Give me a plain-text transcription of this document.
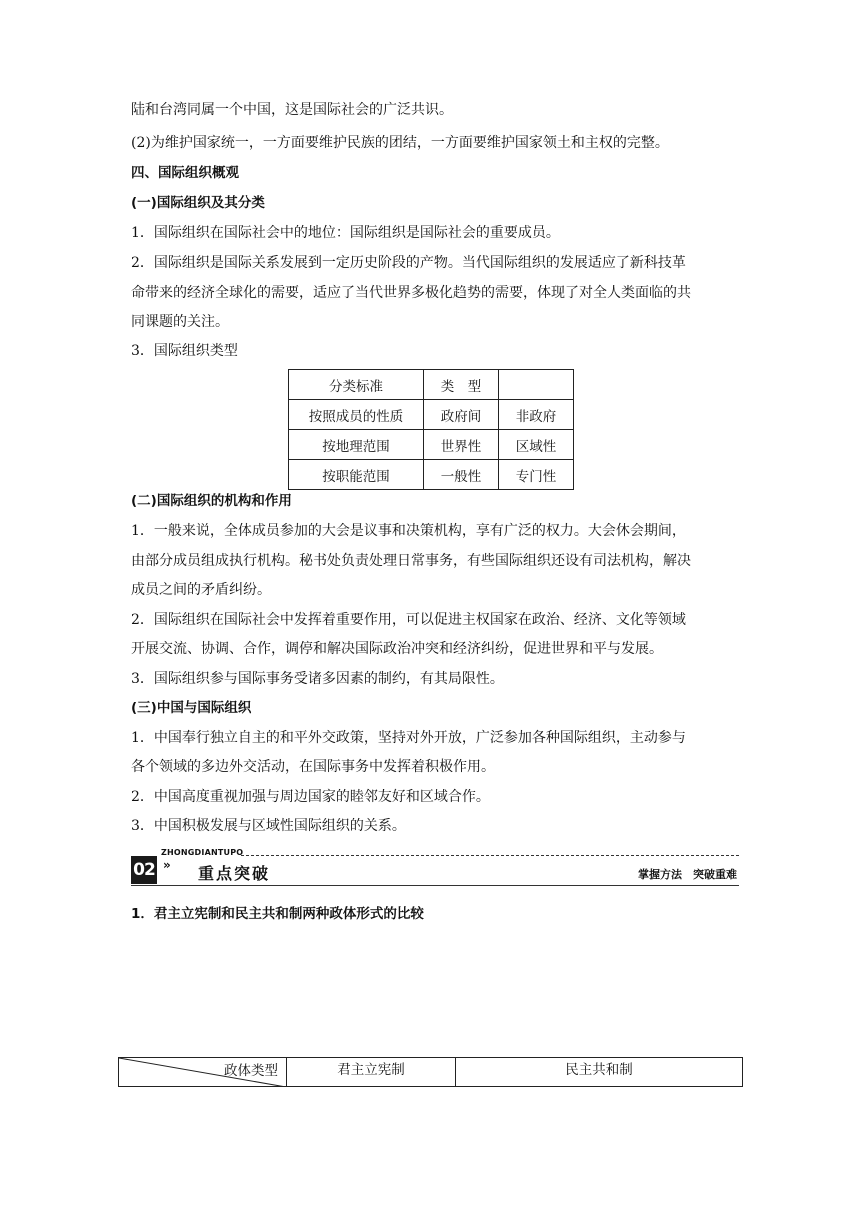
陆和台湾同属一个中国，这是国际社会的广泛共识。
(2)为维护国家统一，一方面要维护民族的团结，一方面要维护国家领土和主权的完整。
四、国际组织概观
(一)国际组织及其分类
1．国际组织在国际社会中的地位：国际组织是国际社会的重要成员。
2．国际组织是国际关系发展到一定历史阶段的产物。当代国际组织的发展适应了新科技革
命带来的经济全球化的需要，适应了当代世界多极化趋势的需要，体现了对全人类面临的共
同课题的关注。
3．国际组织类型
分类标准	类　型	
按照成员的性质	政府间	非政府
按地理范围	世界性	区域性
按职能范围	一般性	专门性
(二)国际组织的机构和作用
1．一般来说，全体成员参加的大会是议事和决策机构，享有广泛的权力。大会休会期间，
由部分成员组成执行机构。秘书处负责处理日常事务，有些国际组织还设有司法机构，解决
成员之间的矛盾纠纷。
2．国际组织在国际社会中发挥着重要作用，可以促进主权国家在政治、经济、文化等领域
开展交流、协调、合作，调停和解决国际政治冲突和经济纠纷，促进世界和平与发展。
3．国际组织参与国际事务受诸多因素的制约，有其局限性。
(三)中国与国际组织
1．中国奉行独立自主的和平外交政策，坚持对外开放，广泛参加各种国际组织，主动参与
各个领域的多边外交活动，在国际事务中发挥着积极作用。
2．中国高度重视加强与周边国家的睦邻友好和区域合作。
3．中国积极发展与区域性国际组织的关系。
02
ZHONGDIANTUPO
» 重点突破	掌握方法　突破重难
1．君主立宪制和民主共和制两种政体形式的比较
政体类型	君主立宪制	民主共和制
